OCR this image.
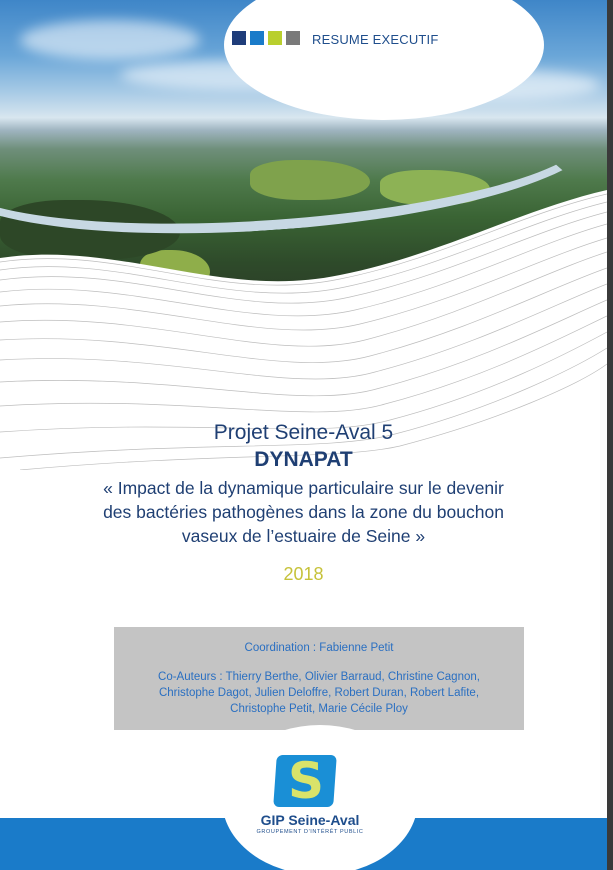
RESUME EXECUTIF
Projet Seine-Aval 5
DYNAPAT
« Impact de la dynamique particulaire sur le devenir
des bactéries pathogènes dans la zone du bouchon
vaseux de l’estuaire de Seine »
2018
Coordination : Fabienne Petit
Co-Auteurs : Thierry Berthe, Olivier Barraud, Christine Cagnon,
Christophe Dagot, Julien Deloffre, Robert Duran, Robert Lafite,
Christophe Petit, Marie Cécile Ploy
S
GIP Seine-Aval
GROUPEMENT D'INTÉRÊT PUBLIC
